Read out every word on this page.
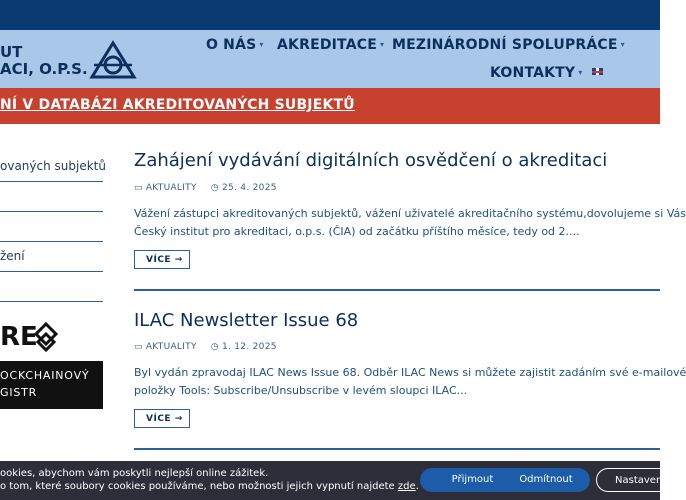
UT
ACI, O.P.S.
O NÁS ▾ AKREDITACE ▾ MEZINÁRODNÍ SPOLUPRÁCE ▾
KONTAKTY ▾
NÍ V DATABÁZI AKREDITOVANÝCH SUBJEKTŮ
ovaných subjektů
žení
RE
OCKCHAINOVÝ
GISTR
Zahájení vydávání digitálních osvědčení o akreditaci
▭ AKTUALITY ◷ 25. 4. 2025
Vážení zástupci akreditovaných subjektů, vážení uživatelé akreditačního systému,dovolujeme si Vás
Český institut pro akreditaci, o.p.s. (ČIA) od začátku příštího měsíce, tedy od 2....
VÍCE →
ILAC Newsletter Issue 68
▭ AKTUALITY ◷ 1. 12. 2025
Byl vydán zpravodaj ILAC News Issue 68. Odběr ILAC News si můžete zajistit zadáním své e-mailové
položky Tools: Subscribe/Unsubscribe v levém sloupci ILAC...
VÍCE →
ookies, abychom vám poskytli nejlepší online zážitek.
o tom, které soubory cookies používáme, nebo možnosti jejich vypnutí najdete zde.
Přijmout	Odmítnout	Nastavení
